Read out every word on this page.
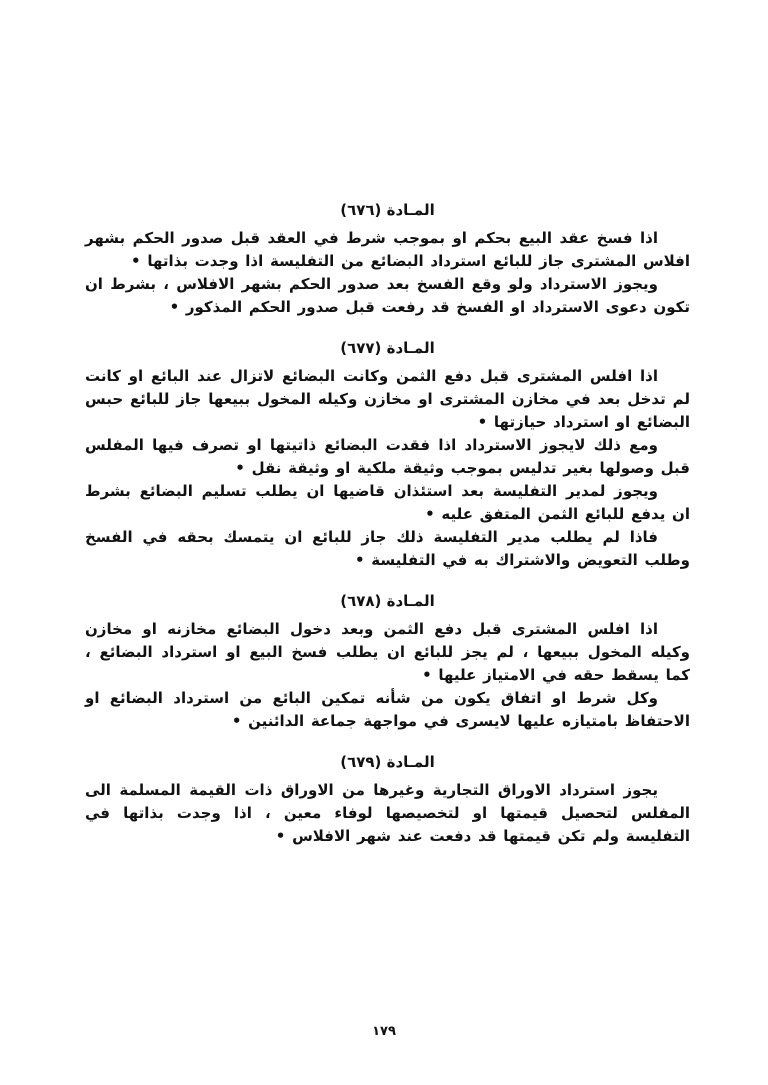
المـادة (٦٧٦)

اذا فسخ عقد البيع بحكم او بموجب شرط في العقد قبل صدور الحكم بشهر افلاس المشترى جاز للبائع استرداد البضائع من التفليسة اذا وجدت بذاتها •

ويجوز الاسترداد ولو وقع الفسخ بعد صدور الحكم بشهر الافلاس ، بشرط ان تكون دعوى الاسترداد او الفسخ قد رفعت قبل صدور الحكم المذكور •

المـادة (٦٧٧)

اذا افلس المشترى قبل دفع الثمن وكانت البضائع لاتزال عند البائع او كانت لم تدخل بعد في مخازن المشترى او مخازن وكيله المخول ببيعها جاز للبائع حبس البضائع او استرداد حيازتها •

ومع ذلك لايجوز الاسترداد اذا فقدت البضائع ذاتيتها او تصرف فيها المفلس قبل وصولها بغير تدليس بموجب وثيقة ملكية او وثيقة نقل •

ويجوز لمدير التفليسة بعد استئذان قاضيها ان يطلب تسليم البضائع بشرط ان يدفع للبائع الثمن المتفق عليه •

فاذا لم يطلب مدير التفليسة ذلك جاز للبائع ان يتمسك بحقه في الفسخ وطلب التعويض والاشتراك به في التفليسة •

المـادة (٦٧٨)

اذا افلس المشترى قبل دفع الثمن وبعد دخول البضائع مخازنه او مخازن وكيله المخول ببيعها ، لم يجز للبائع ان يطلب فسخ البيع او استرداد البضائع ، كما يسقط حقه في الامتياز عليها •

وكل شرط او اتفاق يكون من شأنه تمكين البائع من استرداد البضائع او الاحتفاظ بامتيازه عليها لايسرى في مواجهة جماعة الدائنين •

المـادة (٦٧٩)

يجوز استرداد الاوراق التجارية وغيرها من الاوراق ذات القيمة المسلمة الى المفلس لتحصيل قيمتها او لتخصيصها لوفاء معين ، اذا وجدت بذاتها في التفليسة ولم تكن قيمتها قد دفعت عند شهر الافلاس •

١٧٩
